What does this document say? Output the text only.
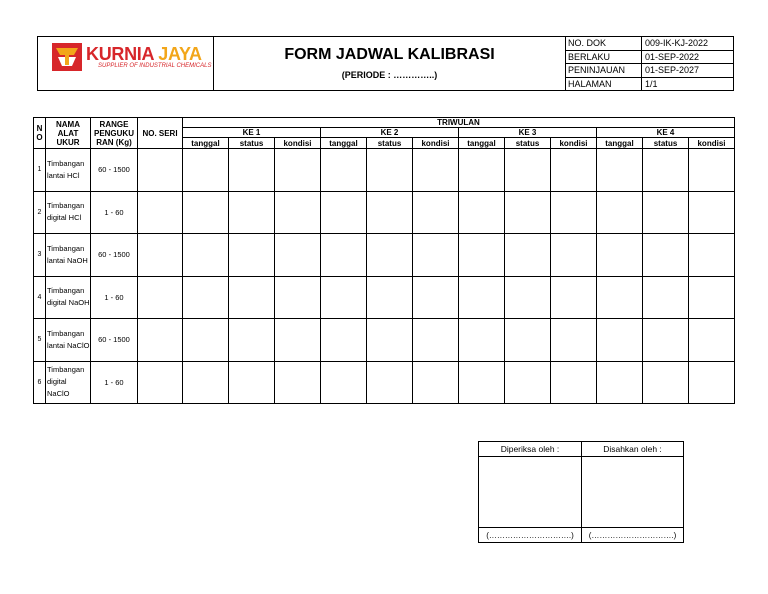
KURNIA JAYA
SUPPLIER OF INDUSTRIAL CHEMICALS
FORM JADWAL KALIBRASI
(PERIODE : …………..)
NO. DOK	009-IK-KJ-2022
BERLAKU	01-SEP-2022
PENINJAUAN	01-SEP-2027
HALAMAN	1/1
N O	NAMA ALAT UKUR	RANGE PENGUKU RAN (Kg)	NO. SERI	TRIWULAN											
				KE 1			KE 2			KE 3			KE 4		
				tanggal	status	kondisi	tanggal	status	kondisi	tanggal	status	kondisi	tanggal	status	kondisi
1	Timbangan lantai HCl	60 - 1500													
2	Timbangan digital HCl	1 - 60													
3	Timbangan lantai NaOH	60 - 1500													
4	Timbangan digital NaOH	1 - 60													
5	Timbangan lantai NaClO	60 - 1500													
6	Timbangan digital NaClO	1 - 60													
Diperiksa oleh :	Disahkan oleh :

(………………………….)	(………………………….)
